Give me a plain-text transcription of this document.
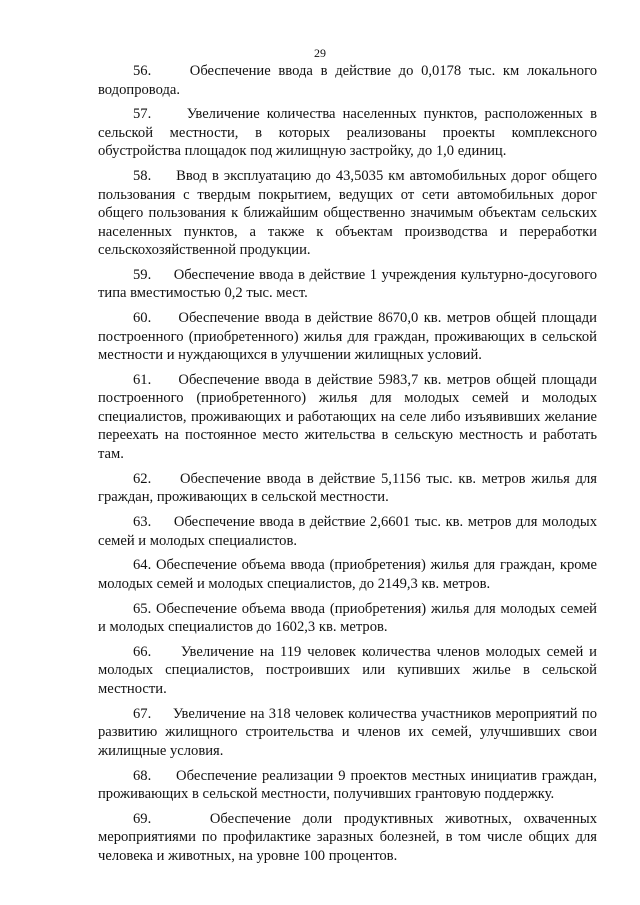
29

56.     Обеспечение ввода в действие до 0,0178 тыс. км локального водопровода.

57.     Увеличение количества населенных пунктов, расположенных в сельской местности, в которых реализованы проекты комплексного обустройства площадок под жилищную застройку, до 1,0 единиц.

58.     Ввод в эксплуатацию до 43,5035 км автомобильных дорог общего пользования с твердым покрытием, ведущих от сети автомобильных дорог общего пользования к ближайшим общественно значимым объектам сельских населенных пунктов, а также к объектам производства и переработки сельскохозяйственной продукции.

59.     Обеспечение ввода в действие 1 учреждения культурно-досугового типа вместимостью 0,2 тыс. мест.

60.     Обеспечение ввода в действие 8670,0 кв. метров общей площади построенного (приобретенного) жилья для граждан, проживающих в сельской местности и нуждающихся в улучшении жилищных условий.

61.     Обеспечение ввода в действие 5983,7 кв. метров общей площади построенного (приобретенного) жилья для молодых семей и молодых специалистов, проживающих и работающих на селе либо изъявивших желание переехать на постоянное место жительства в сельскую местность и работать там.

62.     Обеспечение ввода в действие 5,1156 тыс. кв. метров жилья для граждан, проживающих в сельской местности.

63.     Обеспечение ввода в действие 2,6601 тыс. кв. метров для молодых семей и молодых специалистов.

64. Обеспечение объема ввода (приобретения) жилья для граждан, кроме молодых семей и молодых специалистов, до 2149,3 кв. метров.

65. Обеспечение объема ввода (приобретения) жилья для молодых семей и молодых специалистов до 1602,3 кв. метров.

66.     Увеличение на 119 человек количества членов молодых семей и молодых специалистов, построивших или купивших жилье в сельской местности.

67.     Увеличение на 318 человек количества участников мероприятий по развитию жилищного строительства и членов их семей, улучшивших свои жилищные условия.

68.     Обеспечение реализации 9 проектов местных инициатив граждан, проживающих в сельской местности, получивших грантовую поддержку.

69.     Обеспечение доли продуктивных животных, охваченных мероприятиями по профилактике заразных болезней, в том числе общих для человека и животных, на уровне 100 процентов.
